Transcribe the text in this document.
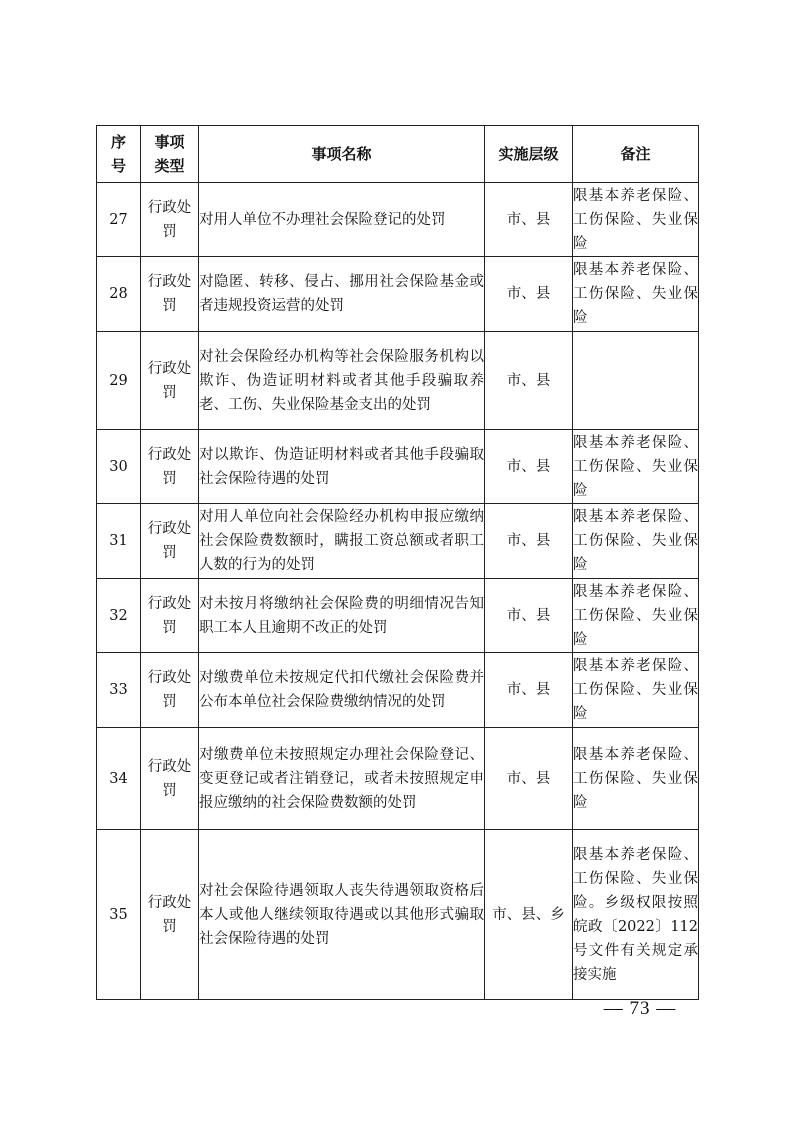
序号	事项类型	事项名称	实施层级	备注
27	行政处罚	对用人单位不办理社会保险登记的处罚	市、县	限基本养老保险、工伤保险、失业保险
28	行政处罚	对隐匿、转移、侵占、挪用社会保险基金或者违规投资运营的处罚	市、县	限基本养老保险、工伤保险、失业保险
29	行政处罚	对社会保险经办机构等社会保险服务机构以欺诈、伪造证明材料或者其他手段骗取养老、工伤、失业保险基金支出的处罚	市、县	
30	行政处罚	对以欺诈、伪造证明材料或者其他手段骗取社会保险待遇的处罚	市、县	限基本养老保险、工伤保险、失业保险
31	行政处罚	对用人单位向社会保险经办机构申报应缴纳社会保险费数额时，瞒报工资总额或者职工人数的行为的处罚	市、县	限基本养老保险、工伤保险、失业保险
32	行政处罚	对未按月将缴纳社会保险费的明细情况告知职工本人且逾期不改正的处罚	市、县	限基本养老保险、工伤保险、失业保险
33	行政处罚	对缴费单位未按规定代扣代缴社会保险费并公布本单位社会保险费缴纳情况的处罚	市、县	限基本养老保险、工伤保险、失业保险
34	行政处罚	对缴费单位未按照规定办理社会保险登记、变更登记或者注销登记，或者未按照规定申报应缴纳的社会保险费数额的处罚	市、县	限基本养老保险、工伤保险、失业保险
35	行政处罚	对社会保险待遇领取人丧失待遇领取资格后本人或他人继续领取待遇或以其他形式骗取社会保险待遇的处罚	市、县、乡	限基本养老保险、工伤保险、失业保险。乡级权限按照皖政〔2022〕112号文件有关规定承接实施
— 73 —
